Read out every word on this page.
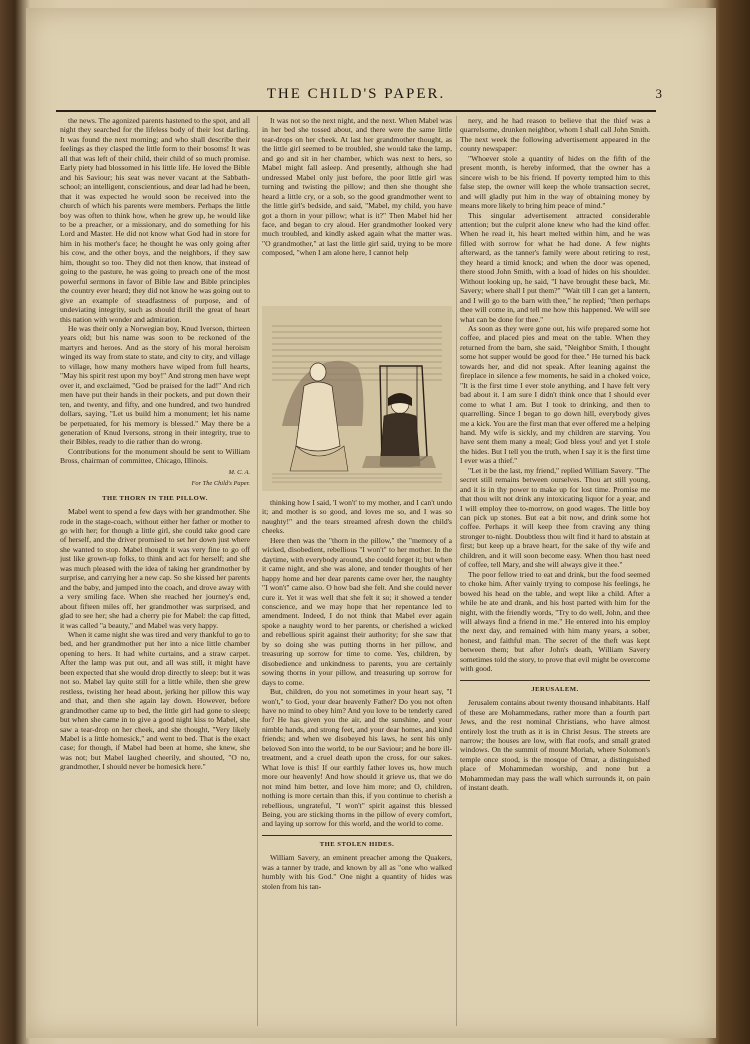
THE CHILD'S PAPER.	3

the news. The agonized parents hastened to the spot, and all night they searched for the lifeless body of their lost darling. It was found the next morning; and who shall describe their feelings as they clasped the little form to their bosoms! It was all that was left of their child, their child of so much promise. Early piety had blossomed in his little life. He loved the Bible and his Saviour; his seat was never vacant at the Sabbath-school; an intelligent, conscientious, and dear lad had he been, that it was expected he would soon be received into the church of which his parents were members. Perhaps the little boy was often to think how, when he grew up, he would like to be a preacher, or a missionary, and do something for his Lord and Master. He did not know what God had in store for him in his mother's face; he thought he was only going after his cow, and the other boys, and the neighbors, if they saw him, thought so too. They did not then know, that instead of going to the pasture, he was going to preach one of the most powerful sermons in favor of Bible law and Bible principles the country ever heard; they did not know he was going out to give an example of steadfastness of purpose, and of undeviating integrity, such as should thrill the great of heart this nation with wonder and admiration.

He was their only a Norwegian boy, Knud Iverson, thirteen years old; but his name was soon to be reckoned of the martyrs and heroes. And as the story of his moral heroism winged its way from state to state, and city to city, and village to village, how many mothers have wiped from full hearts, "May his spirit rest upon my boy!" And strong men have wept over it, and exclaimed, "God be praised for the lad!" And rich men have put their hands in their pockets, and put down their ten, and twenty, and fifty, and one hundred, and two hundred dollars, saying, "Let us build him a monument; let his name be perpetuated, for his memory is blessed." May there be a generation of Knud Iversons, strong in their integrity, true to their Bibles, ready to die rather than do wrong.

Contributions for the monument should be sent to William Bross, chairman of committee, Chicago, Illinois.

M. C. A.
For The Child's Paper.
THE THORN IN THE PILLOW.

Mabel went to spend a few days with her grandmother. She rode in the stage-coach, without either her father or mother to go with her; for though a little girl, she could take good care of herself, and the driver promised to set her down just where she wanted to stop. Mabel thought it was very fine to go off just like grown-up folks, to think and act for herself; and she was much pleased with the idea of taking her grandmother by surprise, and carrying her a new cap. So she kissed her parents and the baby, and jumped into the coach, and drove away with a very smiling face. When she reached her journey's end, about fifteen miles off, her grandmother was surprised, and glad to see her; she had a cherry pie for Mabel: the cap fitted, it was called "a beauty," and Mabel was very happy.

When it came night she was tired and very thankful to go to bed, and her grandmother put her into a nice little chamber opening to hers. It had white curtains, and a straw carpet. After the lamp was put out, and all was still, it might have been expected that she would drop directly to sleep: but it was not so. Mabel lay quite still for a little while, then she grew restless, twisting her head about, jerking her pillow this way and that, and then she again lay down. However, before grandmother came up to bed, the little girl had gone to sleep; but when she came in to give a good night kiss to Mabel, she saw a tear-drop on her cheek, and she thought, "Very likely Mabel is a little homesick," and went to bed. That is the exact case; for though, if Mabel had been at home, she knew, she was not; but Mabel laughed cheerily, and shouted, "O no, grandmother, I should never be homesick here."

It was not so the next night, and the next. When Mabel was in her bed she tossed about, and there were the same little tear-drops on her cheek. At last her grandmother thought, as the little girl seemed to be troubled, she would take the lamp, and go and sit in her chamber, which was next to hers, so Mabel might fall asleep. And presently, although she had undressed Mabel only just before, the poor little girl was turning and twisting the pillow; and then she thought she heard a little cry, or a sob, so the good grandmother went to the little girl's bedside, and said, "Mabel, my child, you have got a thorn in your pillow; what is it?" Then Mabel hid her face, and began to cry aloud. Her grandmother looked very much troubled, and kindly asked again what the matter was. "O grandmother," at last the little girl said, trying to be more composed, "when I am alone here, I cannot help

thinking how I said, 'I won't' to my mother, and I can't undo it; and mother is so good, and loves me so, and I was so naughty!" and the tears streamed afresh down the child's cheeks.

Here then was the "thorn in the pillow," the "memory of a wicked, disobedient, rebellious "I won't" to her mother. In the daytime, with everybody around, she could forget it; but when it came night, and she was alone, and tender thoughts of her happy home and her dear parents came over her, the naughty "I won't" came also. O how bad she felt. And she could never cure it. Yet it was well that she felt it so; it showed a tender conscience, and we may hope that her repentance led to amendment. Indeed, I do not think that Mabel ever again spoke a naughty word to her parents, or cherished a wicked and rebellious spirit against their authority; for she saw that by so doing she was putting thorns in her pillow, and treasuring up sorrow for time to come. Yes, children, by disobedience and unkindness to parents, you are certainly sowing thorns in your pillow, and treasuring up sorrow for days to come.

But, children, do you not sometimes in your heart say, "I won't," to God, your dear heavenly Father? Do you not often have no mind to obey him? And you love to be tenderly cared for? He has given you the air, and the sunshine, and your nimble hands, and strong feet, and your dear homes, and kind friends; and when we disobeyed his laws, he sent his only beloved Son into the world, to be our Saviour; and he bore ill-treatment, and a cruel death upon the cross, for our sakes. What love is this! If our earthly father loves us, how much more our heavenly! And how should it grieve us, that we do not mind him better, and love him more; and O, children, nothing is more certain than this, if you continue to cherish a rebellious, ungrateful, "I won't" spirit against this blessed Being, you are sticking thorns in the pillow of every comfort, and laying up sorrow for this world, and the world to come.

THE STOLEN HIDES.

William Savery, an eminent preacher among the Quakers, was a tanner by trade, and known by all as "one who walked humbly with his God." One night a quantity of hides was stolen from his tan-

nery, and he had reason to believe that the thief was a quarrelsome, drunken neighbor, whom I shall call John Smith. The next week the following advertisement appeared in the county newspaper:

"Whoever stole a quantity of hides on the fifth of the present month, is hereby informed, that the owner has a sincere wish to be his friend. If poverty tempted him to this false step, the owner will keep the whole transaction secret, and will gladly put him in the way of obtaining money by means more likely to bring him peace of mind."

This singular advertisement attracted considerable attention; but the culprit alone knew who had the kind offer. When he read it, his heart melted within him, and he was filled with sorrow for what he had done. A few nights afterward, as the tanner's family were about retiring to rest, they heard a timid knock; and when the door was opened, there stood John Smith, with a load of hides on his shoulder. Without looking up, he said, "I have brought these back, Mr. Savery; where shall I put them?" "Wait till I can get a lantern, and I will go to the barn with thee," he replied; "then perhaps thee will come in, and tell me how this happened. We will see what can be done for thee."

As soon as they were gone out, his wife prepared some hot coffee, and placed pies and meat on the table. When they returned from the barn, she said, "Neighbor Smith, I thought some hot supper would be good for thee." He turned his back towards her, and did not speak. After leaning against the fireplace in silence a few moments, he said in a choked voice, "It is the first time I ever stole anything, and I have felt very bad about it. I am sure I didn't think once that I should ever come to what I am. But I took to drinking, and then to quarrelling. Since I began to go down hill, everybody gives me a kick. You are the first man that ever offered me a helping hand. My wife is sickly, and my children are starving. You have sent them many a meal; God bless you! and yet I stole the hides. But I tell you the truth, when I say it is the first time I ever was a thief."

"Let it be the last, my friend," replied William Savery. "The secret still remains between ourselves. Thou art still young, and it is in thy power to make up for lost time. Promise me that thou wilt not drink any intoxicating liquor for a year, and I will employ thee to-morrow, on good wages. The little boy can pick up stones. But eat a bit now, and drink some hot coffee. Perhaps it will keep thee from craving any thing stronger to-night. Doubtless thou wilt find it hard to abstain at first; but keep up a brave heart, for the sake of thy wife and children, and it will soon become easy. When thou hast need of coffee, tell Mary, and she will always give it thee."

The poor fellow tried to eat and drink, but the food seemed to choke him. After vainly trying to compose his feelings, he bowed his head on the table, and wept like a child. After a while he ate and drank, and his host parted with him for the night, with the friendly words, "Try to do well, John, and thee will always find a friend in me." He entered into his employ the next day, and remained with him many years, a sober, honest, and faithful man. The secret of the theft was kept between them; but after John's death, William Savery sometimes told the story, to prove that evil might be overcome with good.

JERUSALEM.

Jerusalem contains about twenty thousand inhabitants. Half of these are Mohammedans, rather more than a fourth part Jews, and the rest nominal Christians, who have almost entirely lost the truth as it is in Christ Jesus. The streets are narrow; the houses are low, with flat roofs, and small grated windows. On the summit of mount Moriah, where Solomon's temple once stood, is the mosque of Omar, a distinguished place of Mohammedan worship, and none but a Mohammedan may pass the wall which surrounds it, on pain of instant death.
